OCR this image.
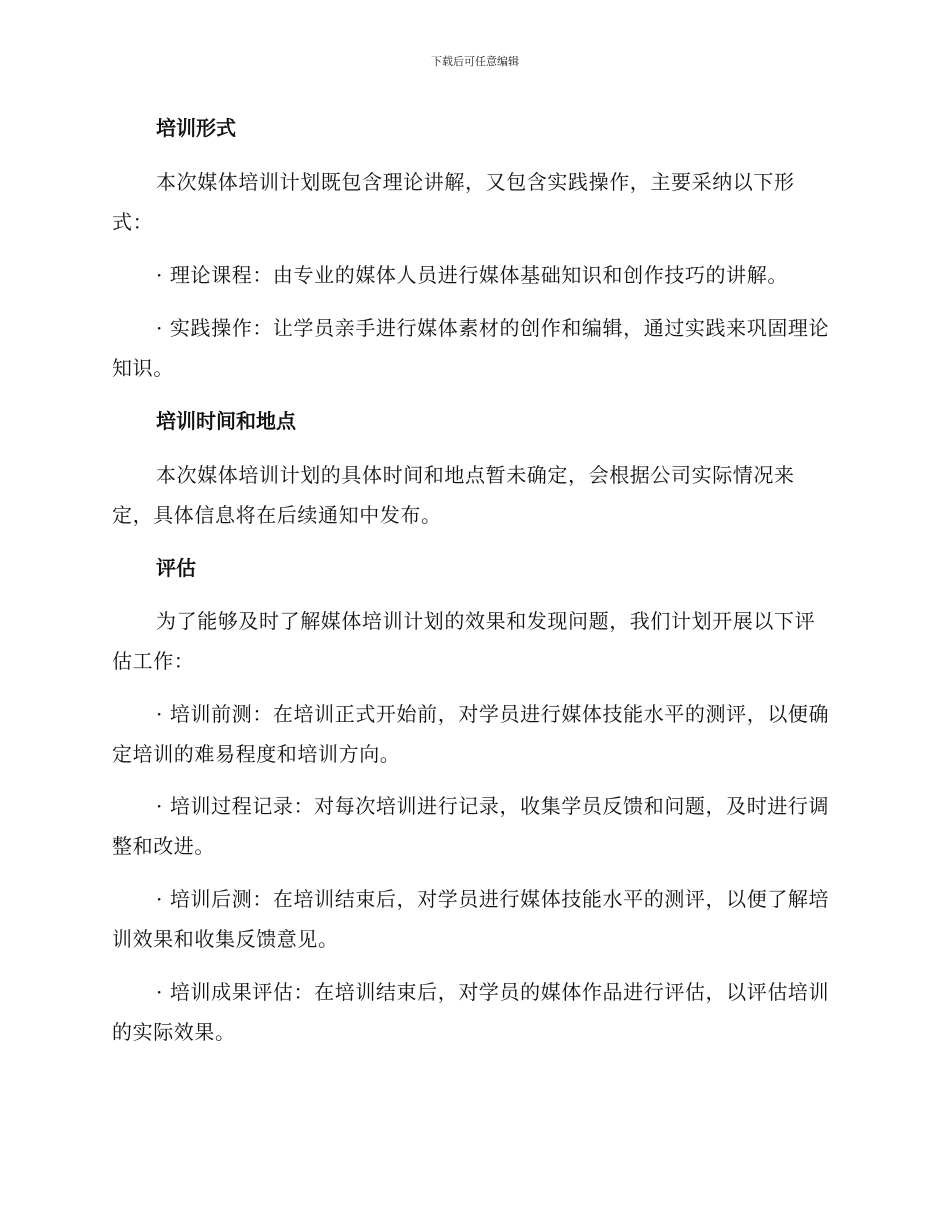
下载后可任意编辑
培训形式

本次媒体培训计划既包含理论讲解，又包含实践操作，主要采纳以下形式：

· 理论课程：由专业的媒体人员进行媒体基础知识和创作技巧的讲解。

· 实践操作：让学员亲手进行媒体素材的创作和编辑，通过实践来巩固理论知识。

培训时间和地点

本次媒体培训计划的具体时间和地点暂未确定，会根据公司实际情况来定，具体信息将在后续通知中发布。

评估

为了能够及时了解媒体培训计划的效果和发现问题，我们计划开展以下评估工作：

· 培训前测：在培训正式开始前，对学员进行媒体技能水平的测评，以便确定培训的难易程度和培训方向。

· 培训过程记录：对每次培训进行记录，收集学员反馈和问题，及时进行调整和改进。

· 培训后测：在培训结束后，对学员进行媒体技能水平的测评，以便了解培训效果和收集反馈意见。

· 培训成果评估：在培训结束后，对学员的媒体作品进行评估，以评估培训的实际效果。
